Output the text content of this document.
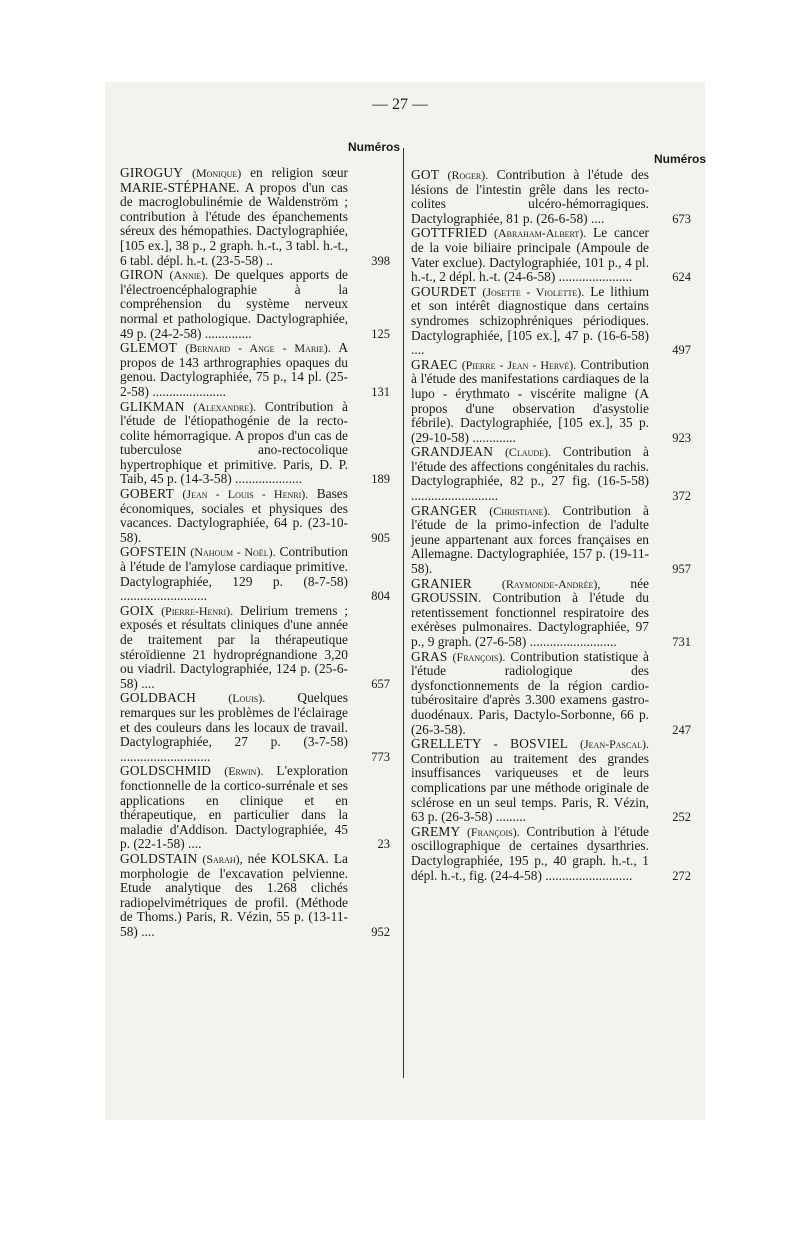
— 27 —
Numéros
GIROGUY (Monique) en religion sœur MARIE-STÉPHANE. A propos d'un cas de macroglobulinémie de Waldenström ; contribution à l'étude des épanchements séreux des hémopathies. Dactylographiée, [105 ex.], 38 p., 2 graph. h.-t., 3 tabl. h.-t., 6 tabl. dépl. h.-t. (23-5-58) ..	398
GIRON (Annie). De quelques apports de l'électroencéphalographie à la compréhension du système nerveux normal et pathologique. Dactylographiée, 49 p. (24-2-58) ..............	125
GLEMOT (Bernard - Ange - Marie). A propos de 143 arthrographies opaques du genou. Dactylographiée, 75 p., 14 pl. (25-2-58) ......................	131
GLIKMAN (Alexandre). Contribution à l'étude de l'étiopathogénie de la recto-colite hémorragique. A propos d'un cas de tuberculose ano-rectocolique hypertrophique et primitive. Paris, D. P. Taib, 45 p. (14-3-58) ....................	189
GOBERT (Jean - Louis - Henri). Bases économiques, sociales et physiques des vacances. Dactylographiée, 64 p. (23-10-58).	905
GOFSTEIN (Nahoum - Noël). Contribution à l'étude de l'amylose cardiaque primitive. Dactylographiée, 129 p. (8-7-58) ..........................	804
GOIX (Pierre-Henri). Delirium tremens ; exposés et résultats cliniques d'une année de traitement par la thérapeutique stéroïdienne 21 hydroprégnandione 3,20 ou viadril. Dactylographiée, 124 p. (25-6-58) ....	657
GOLDBACH	(Louis). Quelques remarques sur les problèmes de l'éclairage et des couleurs dans les locaux de travail. Dactylographiée, 27 p. (3-7-58) ...........................	773
GOLDSCHMID (Erwin). L'exploration fonctionnelle de la cortico-surrénale et ses applications en clinique et en thérapeutique, en particulier dans la maladie d'Addison. Dactylographiée, 45 p. (22-1-58) ....	23
GOLDSTAIN (Sarah), née KOLSKA. La morphologie de l'excavation pelvienne. Etude analytique des 1.268 clichés radiopelvimétriques de profil. (Méthode de Thoms.) Paris, R. Vézin, 55 p. (13-11-58) ....	952
Numéros
GOT (Roger). Contribution à l'étude des lésions de l'intestin grêle dans les recto-colites ulcéro-hémorragiques. Dactylographiée, 81 p. (26-6-58) ....	673
GOTTFRIED (Abraham-Albert). Le cancer de la voie biliaire principale (Ampoule de Vater exclue). Dactylographiée, 101 p., 4 pl. h.-t., 2 dépl. h.-t. (24-6-58) ......................	624
GOURDET (Josette - Violette). Le lithium et son intérêt diagnostique dans certains syndromes schizophréniques périodiques. Dactylographiée, [105 ex.], 47 p. (16-6-58) ....	497
GRAEC (Pierre - Jean - Hervé). Contribution à l'étude des manifestations cardiaques de la lupo - érythmato - viscérite maligne (A propos d'une observation d'asystolie fébrile). Dactylographiée, [105 ex.], 35 p. (29-10-58) .............	923
GRANDJEAN (Claude). Contribution à l'étude des affections congénitales du rachis. Dactylographiée, 82 p., 27 fig. (16-5-58) ..........................	372
GRANGER (Christiane). Contribution à l'étude de la primo-infection de l'adulte jeune appartenant aux forces françaises en Allemagne. Dactylographiée, 157 p. (19-11-58).	957
GRANIER	(Raymonde-Andrée), née GROUSSIN. Contribution à l'étude du retentissement fonctionnel respiratoire des exérèses pulmonaires. Dactylographiée, 97 p., 9 graph. (27-6-58) ..........................	731
GRAS (François). Contribution statistique à l'étude radiologique des dysfonctionnements de la région cardio-tubérositaire d'après 3.300 examens gastro-duodénaux. Paris, Dactylo-Sorbonne, 66 p. (26-3-58).	247
GRELLETY - BOSVIEL (Jean-Pascal). Contribution au traitement des grandes insuffisances variqueuses et de leurs complications par une méthode originale de sclérose en un seul temps. Paris, R. Vézin, 63 p. (26-3-58) .........	252
GREMY (François). Contribution à l'étude oscillographique de certaines dysarthries. Dactylographiée, 195 p., 40 graph. h.-t., 1 dépl. h.-t., fig. (24-4-58) ..........................	272
